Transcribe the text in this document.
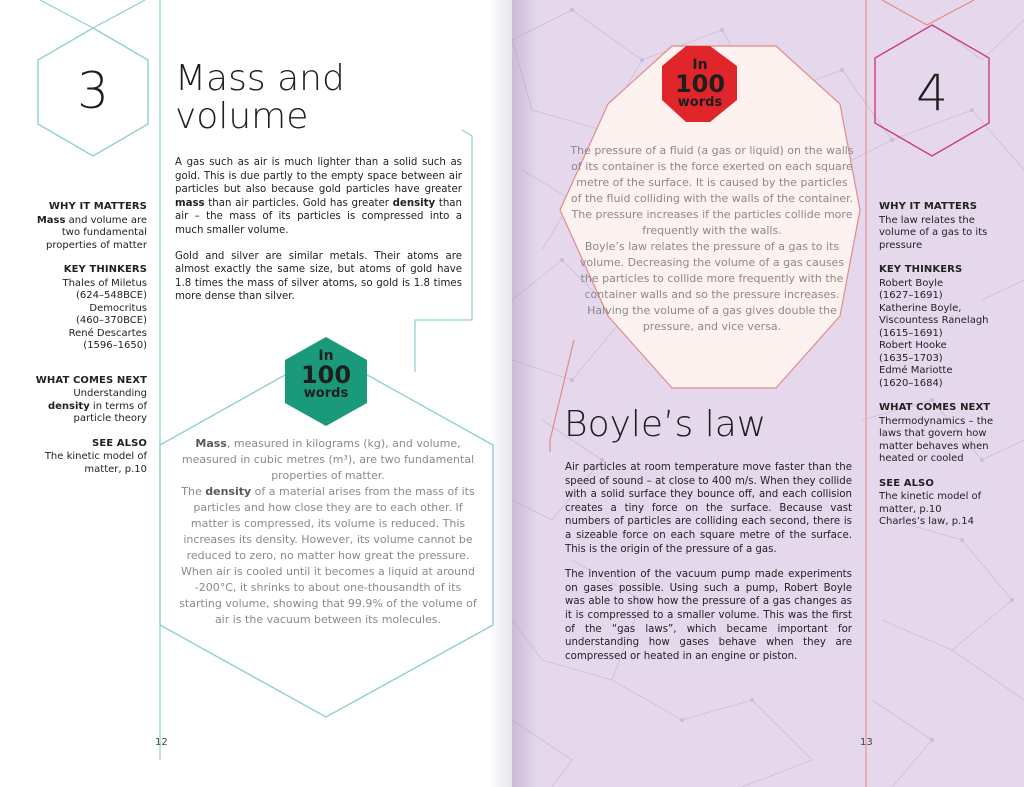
3	Mass and
volume

WHY IT MATTERS

Mass and volume are two fundamental properties of matter

KEY THINKERS

Thales of Miletus

(624–548BCE)

Democritus

(460–370BCE)

René Descartes

(1596–1650)

WHAT COMES NEXT

Understanding density in terms of particle theory

SEE ALSO

The kinetic model of matter, p.10

A gas such as air is much lighter than a solid such as gold. This is due partly to the empty space between air particles but also because gold particles have greater mass than air particles. Gold has greater density than air – the mass of its particles is compressed into a much smaller volume.

Gold and silver are similar metals. Their atoms are almost exactly the same size, but atoms of gold have 1.8 times the mass of silver atoms, so gold is 1.8 times more dense than silver.

In
100
words

Mass, measured in kilograms (kg), and volume, measured in cubic metres (m³), are two fundamental properties of matter.

The density of a material arises from the mass of its particles and how close they are to each other. If matter is compressed, its volume is reduced. This increases its density. However, its volume cannot be reduced to zero, no matter how great the pressure.

When air is cooled until it becomes a liquid at around -200°C, it shrinks to about one-thousandth of its starting volume, showing that 99.9% of the volume of air is the vacuum between its molecules.

12
In
100
words

The pressure of a fluid (a gas or liquid) on the walls of its container is the force exerted on each square metre of the surface. It is caused by the particles of the fluid colliding with the walls of the container. The pressure increases if the particles collide more frequently with the walls.

Boyle’s law relates the pressure of a gas to its volume. Decreasing the volume of a gas causes the particles to collide more frequently with the container walls and so the pressure increases. Halving the volume of a gas gives double the pressure, and vice versa.

4
Boyle’s law

Air particles at room temperature move faster than the speed of sound – at close to 400 m/s. When they collide with a solid surface they bounce off, and each collision creates a tiny force on the surface. Because vast numbers of particles are colliding each second, there is a sizeable force on each square metre of the surface. This is the origin of the pressure of a gas.

The invention of the vacuum pump made experiments on gases possible. Using such a pump, Robert Boyle was able to show how the pressure of a gas changes as it is compressed to a smaller volume. This was the first of the “gas laws”, which became important for understanding how gases behave when they are compressed or heated in an engine or piston.

WHY IT MATTERS

The law relates the volume of a gas to its pressure

KEY THINKERS

Robert Boyle

(1627–1691)

Katherine Boyle,

Viscountess Ranelagh

(1615–1691)

Robert Hooke

(1635–1703)

Edmé Mariotte

(1620–1684)

WHAT COMES NEXT

Thermodynamics – the laws that govern how matter behaves when heated or cooled

SEE ALSO

The kinetic model of matter, p.10

Charles’s law, p.14

13
